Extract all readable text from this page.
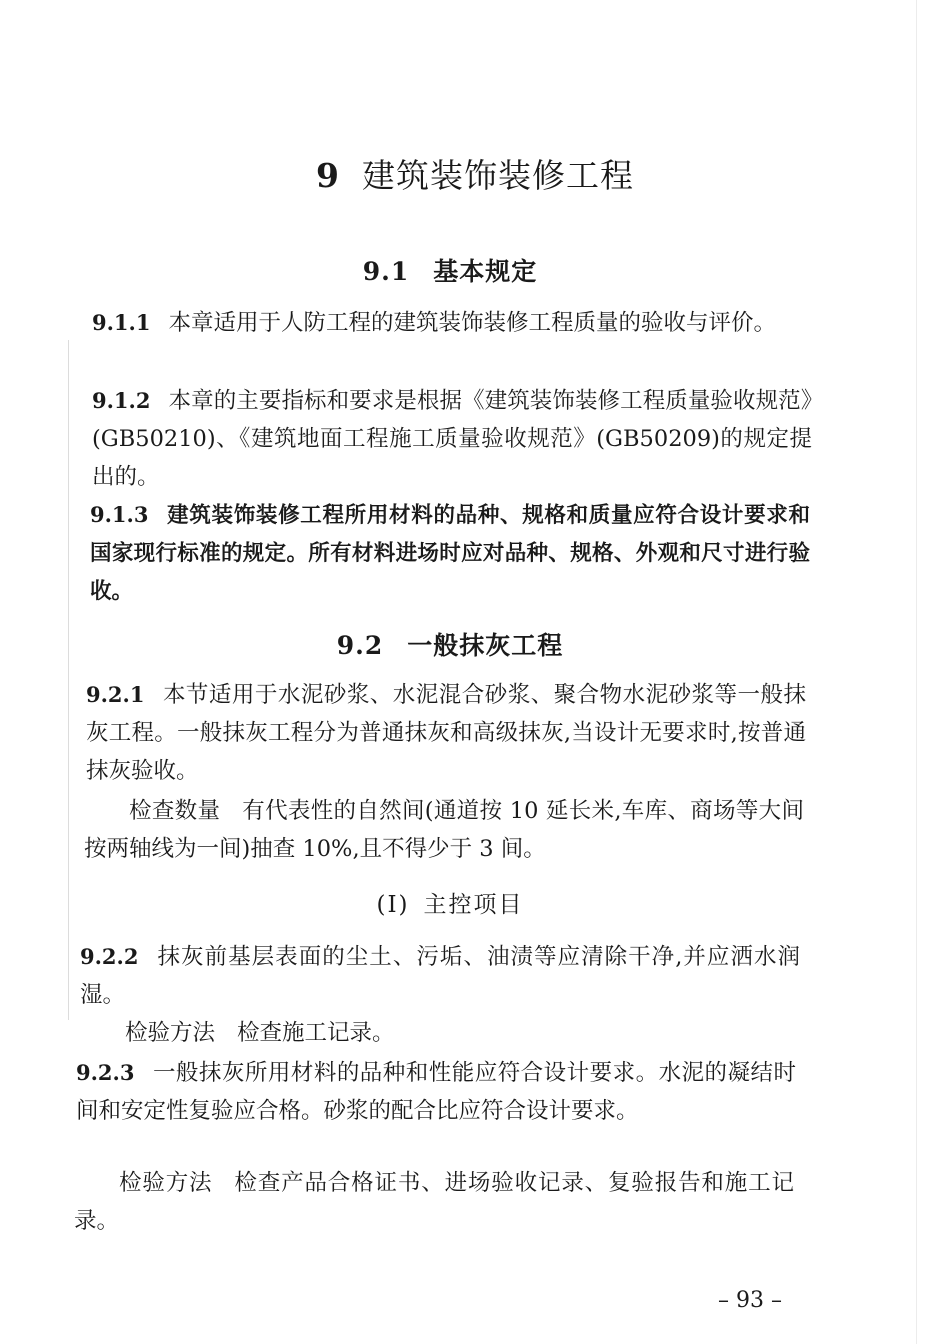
9 建筑装饰装修工程
9.1 基本规定
9.1.1 本章适用于人防工程的建筑装饰装修工程质量的验收与评价。
9.1.2 本章的主要指标和要求是根据《建筑装饰装修工程质量验收规范》(GB50210)、《建筑地面工程施工质量验收规范》(GB50209)的规定提出的。
9.1.3 建筑装饰装修工程所用材料的品种、规格和质量应符合设计要求和国家现行标准的规定。所有材料进场时应对品种、规格、外观和尺寸进行验收。
9.2 一般抹灰工程
9.2.1 本节适用于水泥砂浆、水泥混合砂浆、聚合物水泥砂浆等一般抹灰工程。一般抹灰工程分为普通抹灰和高级抹灰,当设计无要求时,按普通抹灰验收。
检查数量 有代表性的自然间(通道按 10 延长米,车库、商场等大间按两轴线为一间)抽查 10%,且不得少于 3 间。
(Ⅰ) 主控项目
9.2.2 抹灰前基层表面的尘土、污垢、油渍等应清除干净,并应洒水润湿。
检验方法 检查施工记录。
9.2.3 一般抹灰所用材料的品种和性能应符合设计要求。水泥的凝结时间和安定性复验应合格。砂浆的配合比应符合设计要求。
检验方法 检查产品合格证书、进场验收记录、复验报告和施工记录。
– 93 –
